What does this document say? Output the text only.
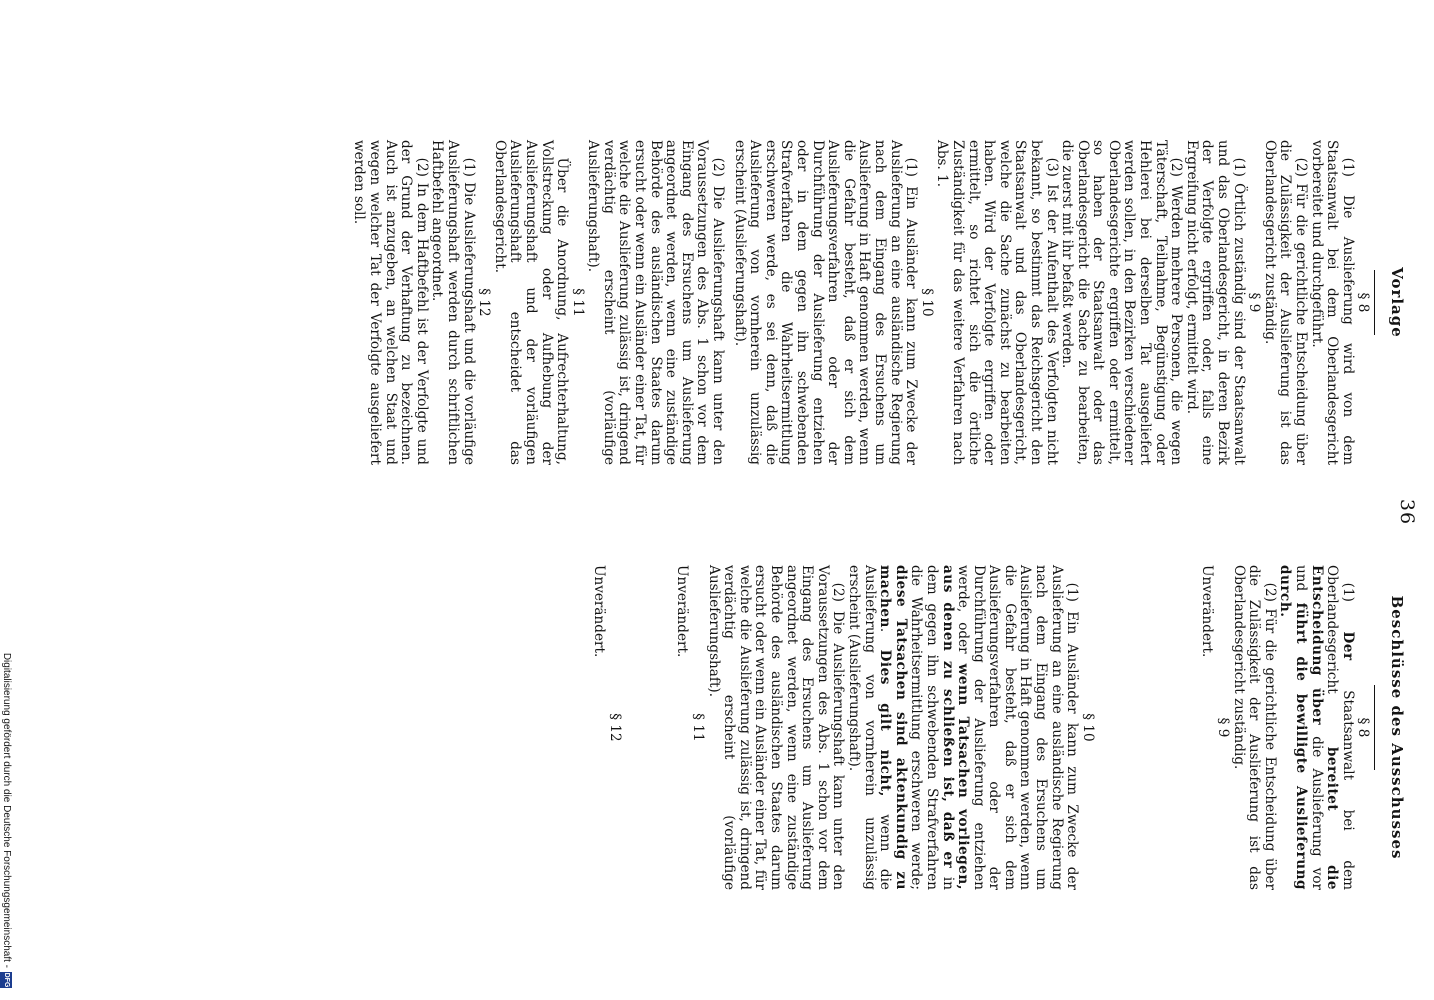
36
Vorlage

§ 8

(1) Die Auslieferung wird von dem Staatsanwalt bei dem Oberlandesgericht vorbereitet und durchgeführt.

(2) Für die gerichtliche Entscheidung über die Zulässigkeit der Auslieferung ist das Oberlandesgericht zuständig.

§ 9

(1) Örtlich zuständig sind der Staatsanwalt und das Oberlandesgericht, in deren Bezirk der Verfolgte ergriffen oder, falls eine Ergreifung nicht erfolgt, ermittelt wird.

(2) Werden mehrere Personen, die wegen Täterschaft, Teilnahme, Begünstigung oder Hehlerei bei derselben Tat ausgeliefert werden sollen, in den Bezirken verschiedener Oberlandesgerichte ergriffen oder ermittelt, so haben der Staatsanwalt oder das Oberlandesgericht die Sache zu bearbeiten, die zuerst mit ihr befaßt werden.

(3) Ist der Aufenthalt des Verfolgten nicht bekannt, so bestimmt das Reichsgericht den Staatsanwalt und das Oberlandesgericht, welche die Sache zunächst zu bearbeiten haben. Wird der Verfolgte ergriffen oder ermittelt, so richtet sich die örtliche Zuständigkeit für das weitere Verfahren nach Abs. 1.

§ 10

(1) Ein Ausländer kann zum Zwecke der Auslieferung an eine ausländische Regierung nach dem Eingang des Ersuchens um Auslieferung in Haft genommen werden, wenn die Gefahr besteht, daß er sich dem Auslieferungsverfahren oder der Durchführung der Auslieferung entziehen oder in dem gegen ihn schwebenden Strafverfahren die Wahrheitsermittlung erschweren werde, es sei denn, daß die Auslieferung von vornherein unzulässig erscheint (Auslieferungshaft).

(2) Die Auslieferungshaft kann unter den Voraussetzungen des Abs. 1 schon vor dem Eingang des Ersuchens um Auslieferung angeordnet werden, wenn eine zuständige Behörde des ausländischen Staates darum ersucht oder wenn ein Ausländer einer Tat, für welche die Auslieferung zulässig ist, dringend verdächtig erscheint (vorläufige Auslieferungshaft).

§ 11

Über die Anordnung, Aufrechterhaltung, Vollstreckung oder Aufhebung der Auslieferungshaft und der vorläufigen Auslieferungshaft entscheidet das Oberlandesgericht.

§ 12

(1) Die Auslieferungshaft und die vorläufige Auslieferungshaft werden durch schriftlichen Haftbefehl angeordnet.

(2) In dem Haftbefehl ist der Verfolgte und der Grund der Verhaftung zu bezeichnen. Auch ist anzugeben, an welchen Staat und wegen welcher Tat der Verfolgte ausgeliefert werden soll.

Beschlüsse des Ausschusses

§ 8

(1) Der Staatsanwalt bei dem Oberlandesgericht bereitet die Entscheidung über die Auslieferung vor und führt die bewilligte Auslieferung durch.

(2) Für die gerichtliche Entscheidung über die Zulässigkeit der Auslieferung ist das Oberlandesgericht zuständig.

§ 9

Unverändert.

§ 10

(1) Ein Ausländer kann zum Zwecke der Auslieferung an eine ausländische Regierung nach dem Eingang des Ersuchens um Auslieferung in Haft genommen werden, wenn die Gefahr besteht, daß er sich dem Auslieferungsverfahren oder der Durchführung der Auslieferung entziehen werde, oder wenn Tatsachen vorliegen, aus denen zu schließen ist, daß er in dem gegen ihn schwebenden Strafverfahren die Wahrheitsermittlung erschweren werde; diese Tatsachen sind aktenkundig zu machen. Dies gilt nicht, wenn die Auslieferung von vornherein unzulässig erscheint (Auslieferungshaft).

(2) Die Auslieferungshaft kann unter den Voraussetzungen des Abs. 1 schon vor dem Eingang des Ersuchens um Auslieferung angeordnet werden, wenn eine zuständige Behörde des ausländischen Staates darum ersucht oder wenn ein Ausländer einer Tat, für welche die Auslieferung zulässig ist, dringend verdächtig erscheint (vorläufige Auslieferungshaft).

§ 11

Unverändert.

§ 12

Unverändert.

Digitalisierung gefördert durch die Deutsche Forschungsgemeinschaft -
DFG
